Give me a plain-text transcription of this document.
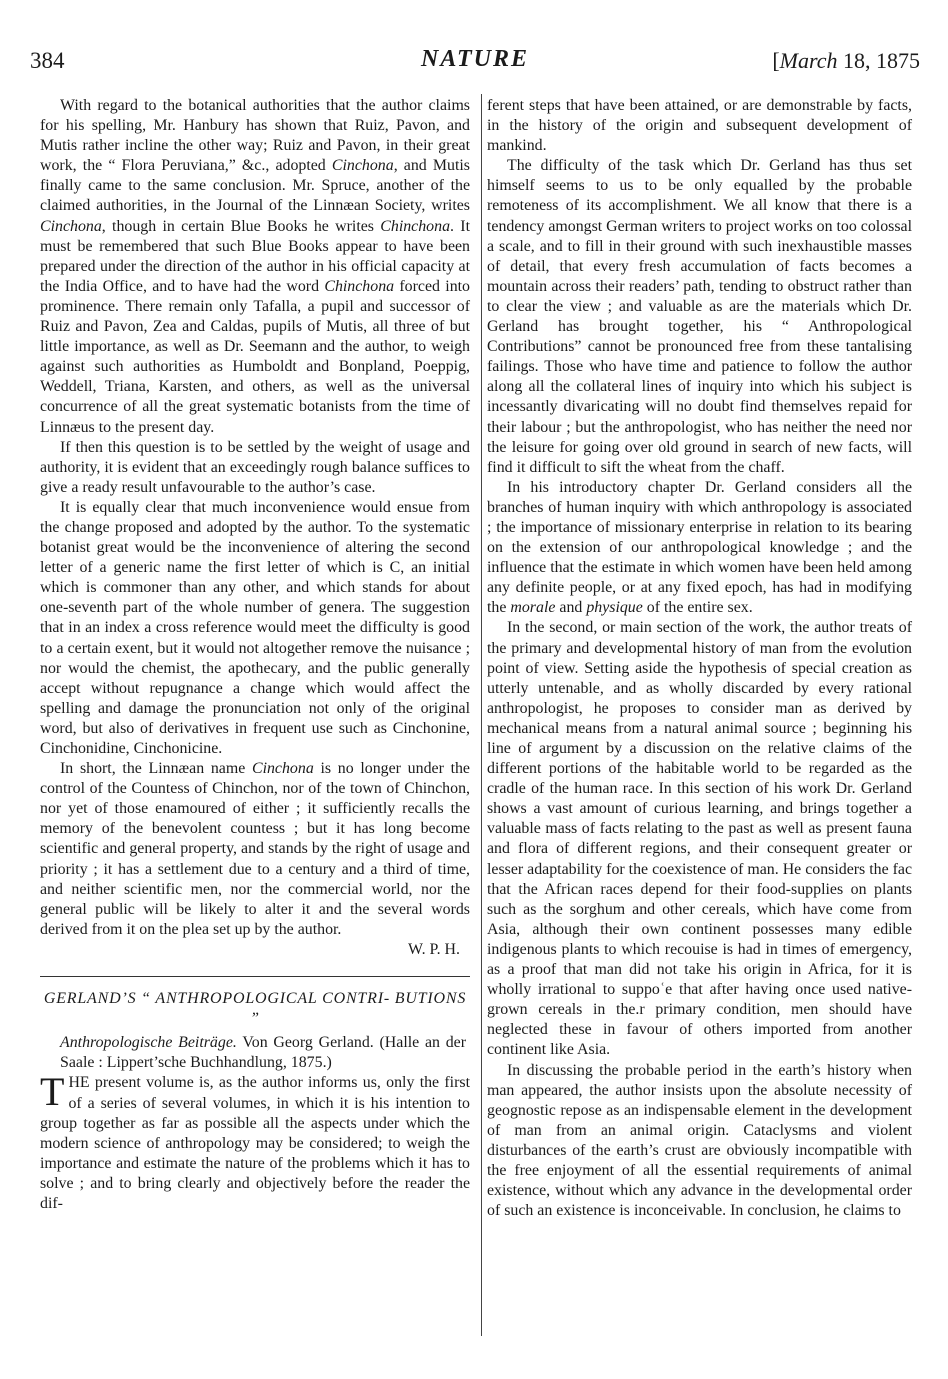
384	NATURE	[March 18, 1875

With regard to the botanical authorities that the author claims for his spelling, Mr. Hanbury has shown that Ruiz, Pavon, and Mutis rather incline the other way; Ruiz and Pavon, in their great work, the “ Flora Peruviana,” &c., adopted Cinchona, and Mutis finally came to the same conclusion. Mr. Spruce, another of the claimed authorities, in the Journal of the Linnæan Society, writes Cinchona, though in certain Blue Books he writes Chinchona. It must be remembered that such Blue Books appear to have been prepared under the direction of the author in his official capacity at the India Office, and to have had the word Chinchona forced into prominence. There remain only Tafalla, a pupil and successor of Ruiz and Pavon, Zea and Caldas, pupils of Mutis, all three of but little importance, as well as Dr. Seemann and the author, to weigh against such authorities as Humboldt and Bonpland, Poeppig, Weddell, Triana, Karsten, and others, as well as the universal concurrence of all the great systematic botanists from the time of Linnæus to the present day.

If then this question is to be settled by the weight of usage and authority, it is evident that an exceedingly rough balance suffices to give a ready result unfavourable to the author’s case.

It is equally clear that much inconvenience would ensue from the change proposed and adopted by the author. To the systematic botanist great would be the inconvenience of altering the second letter of a generic name the first letter of which is C, an initial which is commoner than any other, and which stands for about one-seventh part of the whole number of genera. The suggestion that in an index a cross reference would meet the difficulty is good to a certain exent, but it would not altogether remove the nuisance ; nor would the chemist, the apothecary, and the public generally accept without repugnance a change which would affect the spelling and damage the pronunciation not only of the original word, but also of derivatives in frequent use such as Cinchonine, Cinchonidine, Cinchonicine.

In short, the Linnæan name Cinchona is no longer under the control of the Countess of Chinchon, nor of the town of Chinchon, nor yet of those enamoured of either ; it sufficiently recalls the memory of the benevolent countess ; but it has long become scientific and general property, and stands by the right of usage and priority ; it has a settlement due to a century and a third of time, and neither scientific men, nor the commercial world, nor the general public will be likely to alter it and the several words derived from it on the plea set up by the author.

W. P. H.

GERLAND’S “ ANTHROPOLOGICAL CONTRI- BUTIONS ”

Anthropologische Beiträge. Von Georg Gerland. (Halle an der Saale : Lippert’sche Buchhandlung, 1875.)

THE present volume is, as the author informs us, only the first of a series of several volumes, in which it is his intention to group together as far as possible all the aspects under which the modern science of anthropology may be considered; to weigh the importance and estimate the nature of the problems which it has to solve ; and to bring clearly and objectively before the reader the dif-

ferent steps that have been attained, or are demonstrable by facts, in the history of the origin and subsequent development of mankind.

The difficulty of the task which Dr. Gerland has thus set himself seems to us to be only equalled by the probable remoteness of its accomplishment. We all know that there is a tendency amongst German writers to project works on too colossal a scale, and to fill in their ground with such inexhaustible masses of detail, that every fresh accumulation of facts becomes a mountain across their readers’ path, tending to obstruct rather than to clear the view ; and valuable as are the materials which Dr. Gerland has brought together, his “ Anthropological Contributions” cannot be pronounced free from these tantalising failings. Those who have time and patience to follow the author along all the collateral lines of inquiry into which his subject is incessantly divaricating will no doubt find themselves repaid for their labour ; but the anthropologist, who has neither the need nor the leisure for going over old ground in search of new facts, will find it difficult to sift the wheat from the chaff.

In his introductory chapter Dr. Gerland considers all the branches of human inquiry with which anthropology is associated ; the importance of missionary enterprise in relation to its bearing on the extension of our anthropological knowledge ; and the influence that the estimate in which women have been held among any definite people, or at any fixed epoch, has had in modifying the morale and physique of the entire sex.

In the second, or main section of the work, the author treats of the primary and developmental history of man from the evolution point of view. Setting aside the hypothesis of special creation as utterly untenable, and as wholly discarded by every rational anthropologist, he proposes to consider man as derived by mechanical means from a natural animal source ; beginning his line of argument by a discussion on the relative claims of the different portions of the habitable world to be regarded as the cradle of the human race. In this section of his work Dr. Gerland shows a vast amount of curious learning, and brings together a valuable mass of facts relating to the past as well as present fauna and flora of different regions, and their consequent greater or lesser adaptability for the coexistence of man. He considers the fac that the African races depend for their food-supplies on plants such as the sorghum and other cereals, which have come from Asia, although their own continent possesses many edible indigenous plants to which recouise is had in times of emergency, as a proof that man did not take his origin in Africa, for it is wholly irrational to suppoʿe that after having once used native-grown cereals in the.r primary condition, men should have neglected these in favour of others imported from another continent like Asia.

In discussing the probable period in the earth’s history when man appeared, the author insists upon the absolute necessity of geognostic repose as an indispensable element in the development of man from an animal origin. Cataclysms and violent disturbances of the earth’s crust are obviously incompatible with the free enjoyment of all the essential requirements of animal existence, without which any advance in the developmental order of such an existence is inconceivable. In conclusion, he claims to
